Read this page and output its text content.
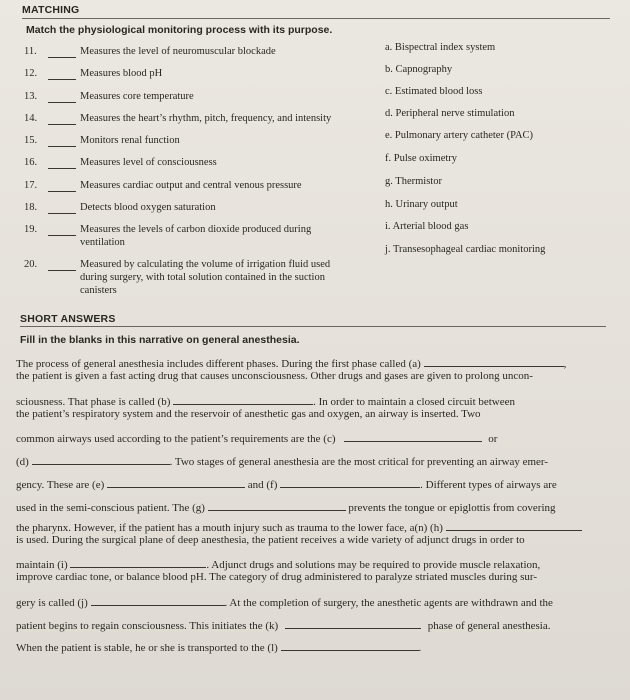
MATCHING
Match the physiological monitoring process with its purpose.
11.	Measures the level of neuromuscular blockade
12.	Measures blood pH
13.	Measures core temperature
14.	Measures the heart’s rhythm, pitch, frequency, and intensity
15.	Monitors renal function
16.	Measures level of consciousness
17.	Measures cardiac output and central venous pressure
18.	Detects blood oxygen saturation
19.	Measures the levels of carbon dioxide produced during
ventilation
20.	Measured by calculating the volume of irrigation fluid used
during surgery, with total solution contained in the suction
canisters
a. Bispectral index system
b. Capnography
c. Estimated blood loss
d. Peripheral nerve stimulation
e. Pulmonary artery catheter (PAC)
f. Pulse oximetry
g. Thermistor
h. Urinary output
i. Arterial blood gas
j. Transesophageal cardiac monitoring
SHORT ANSWERS
Fill in the blanks in this narrative on general anesthesia.
The process of general anesthesia includes different phases. During the first phase called (a)	,
the patient is given a fast acting drug that causes unconsciousness. Other drugs and gases are given to prolong uncon-
sciousness. That phase is called (b)	. In order to maintain a closed circuit between
the patient’s respiratory system and the reservoir of anesthetic gas and oxygen, an airway is inserted. Two
common airways used according to the patient’s requirements are the (c)	or
(d)	. Two stages of general anesthesia are the most critical for preventing an airway emer-
gency. These are (e)	and (f)	. Different types of airways are
used in the semi-conscious patient. The (g)	prevents the tongue or epiglottis from covering
the pharynx. However, if the patient has a mouth injury such as trauma to the lower face, a(n) (h)
is used. During the surgical plane of deep anesthesia, the patient receives a wide variety of adjunct drugs in order to
maintain (i)	. Adjunct drugs and solutions may be required to provide muscle relaxation,
improve cardiac tone, or balance blood pH. The category of drug administered to paralyze striated muscles during sur-
gery is called (j)	. At the completion of surgery, the anesthetic agents are withdrawn and the
patient begins to regain consciousness. This initiates the (k)	phase of general anesthesia.
When the patient is stable, he or she is transported to the (l)	.
